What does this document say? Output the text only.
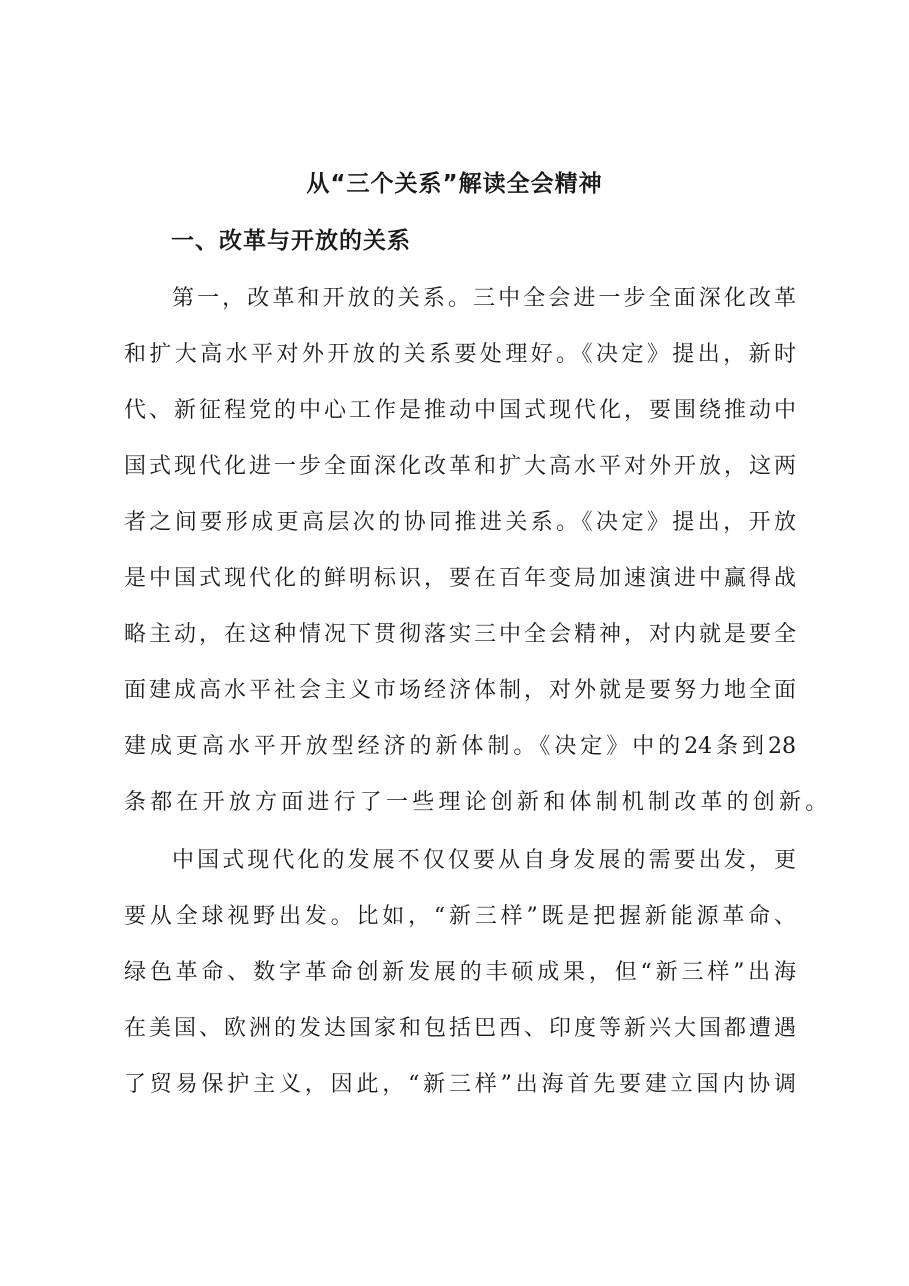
从“三个关系”解读全会精神
一、改革与开放的关系

第一，改革和开放的关系。三中全会进一步全面深化改革

和扩大高水平对外开放的关系要处理好。《决定》提出，新时

代、新征程党的中心工作是推动中国式现代化，要围绕推动中

国式现代化进一步全面深化改革和扩大高水平对外开放，这两

者之间要形成更高层次的协同推进关系。《决定》提出，开放

是中国式现代化的鲜明标识，要在百年变局加速演进中赢得战

略主动，在这种情况下贯彻落实三中全会精神，对内就是要全

面建成高水平社会主义市场经济体制，对外就是要努力地全面

建成更高水平开放型经济的新体制。《决定》中的24条到28

条都在开放方面进行了一些理论创新和体制机制改革的创新。

中国式现代化的发展不仅仅要从自身发展的需要出发，更

要从全球视野出发。比如，“新三样”既是把握新能源革命、

绿色革命、数字革命创新发展的丰硕成果，但“新三样”出海

在美国、欧洲的发达国家和包括巴西、印度等新兴大国都遭遇

了贸易保护主义，因此，“新三样”出海首先要建立国内协调
